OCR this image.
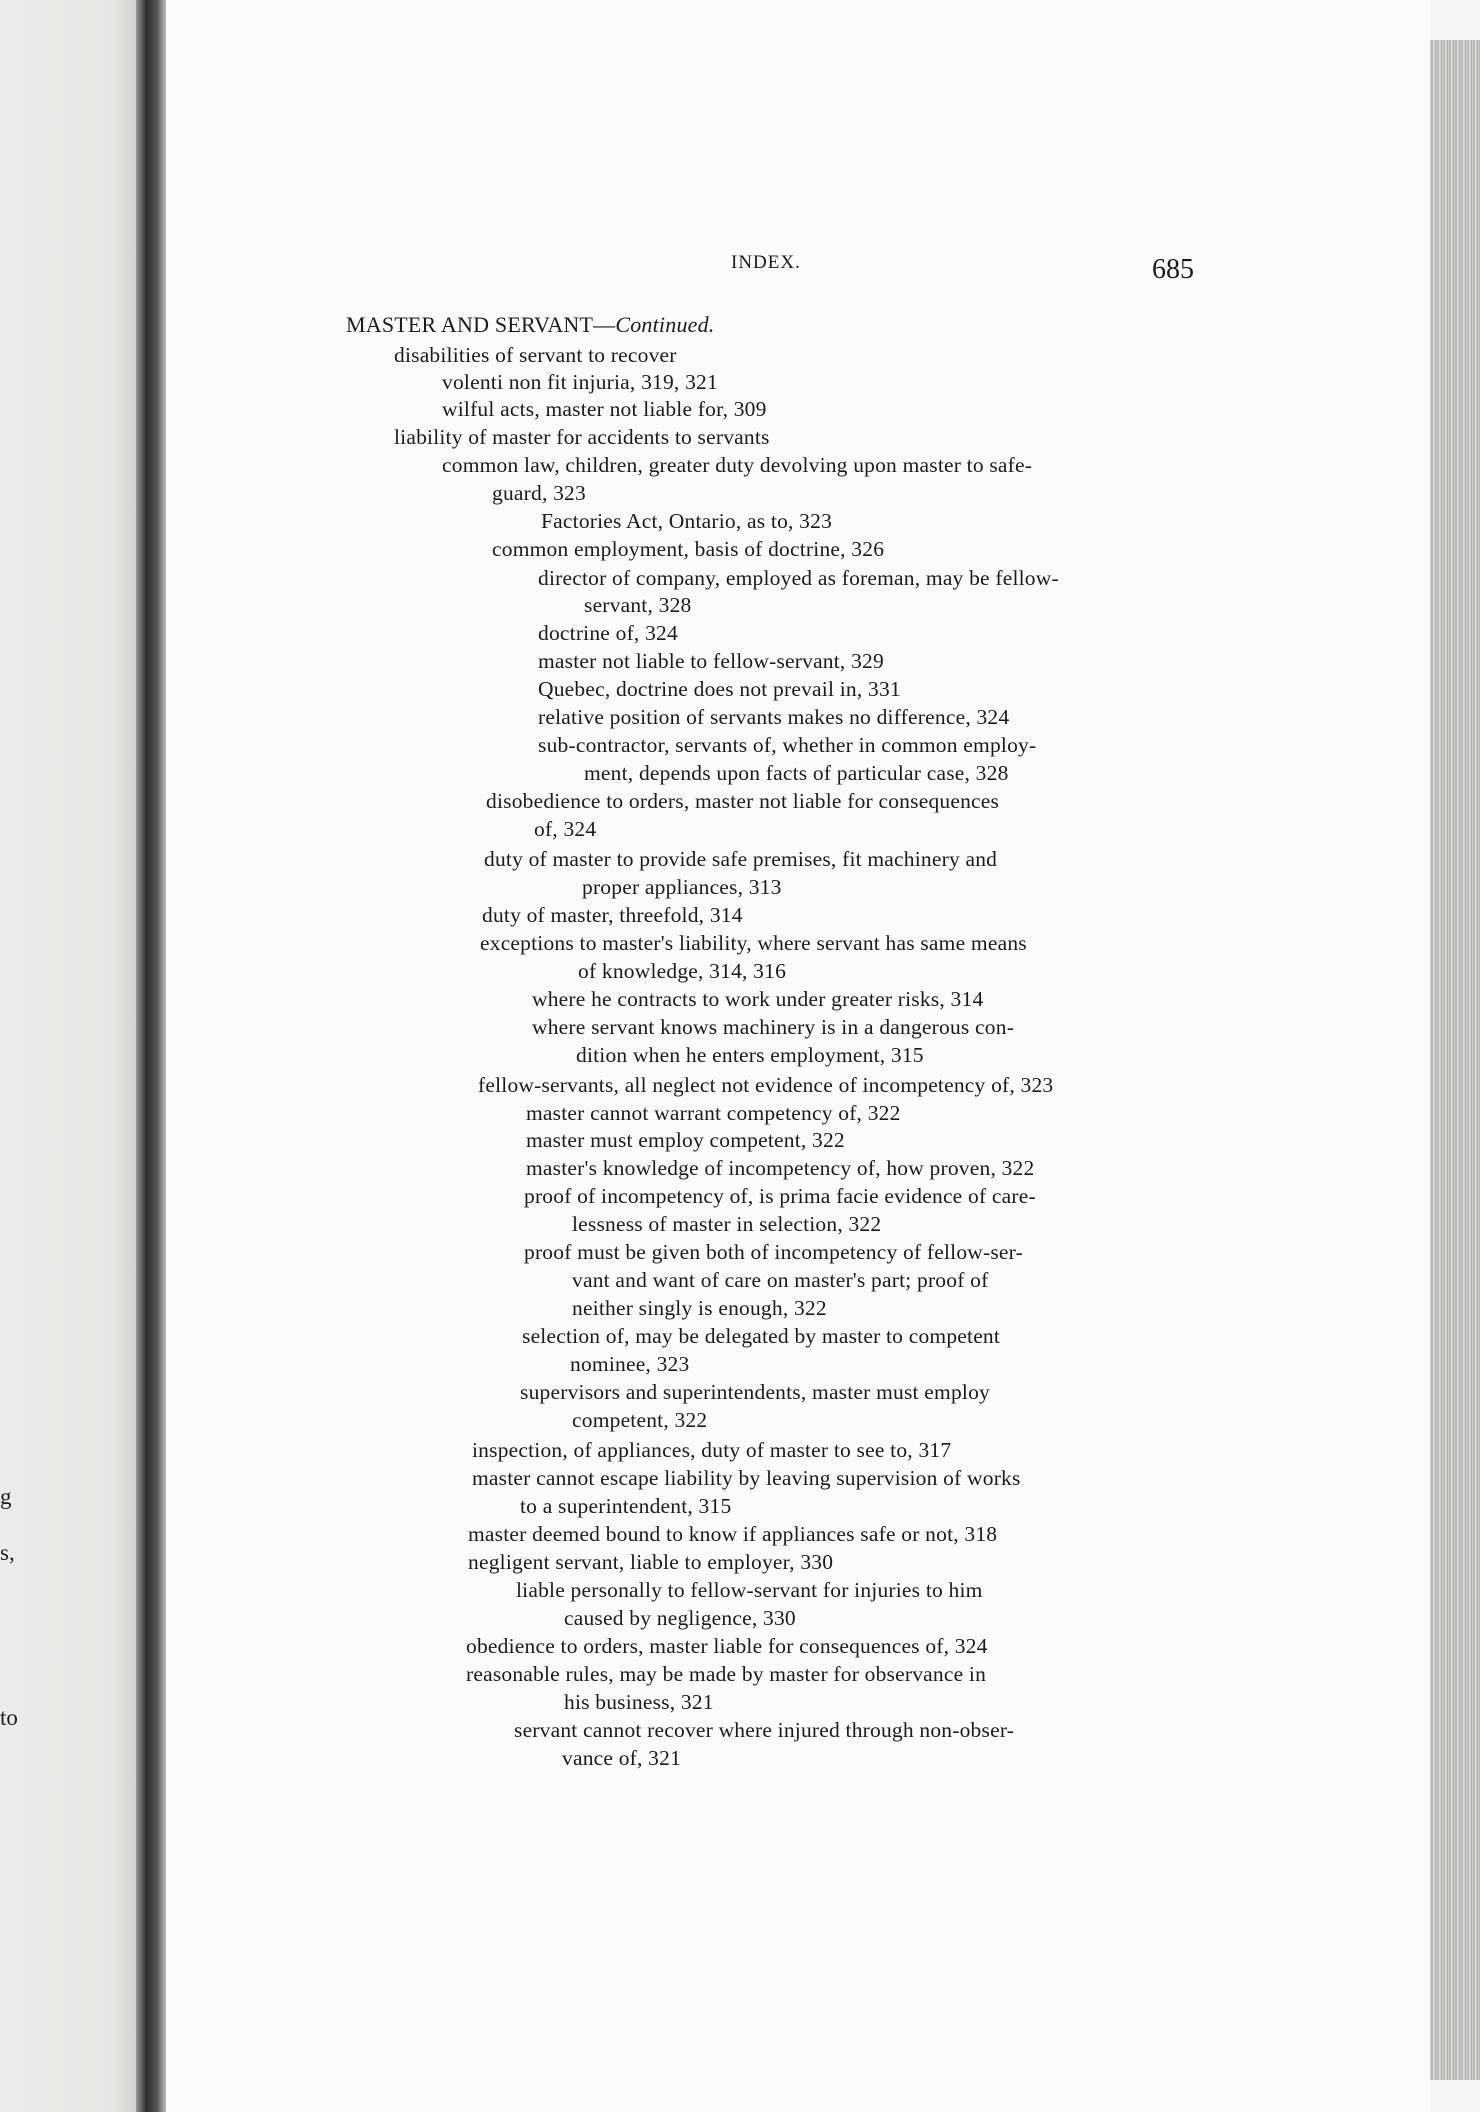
g
s,
to
INDEX.	685
MASTER AND SERVANT—Continued.
disabilities of servant to recover
volenti non fit injuria, 319, 321
wilful acts, master not liable for, 309
liability of master for accidents to servants
common law, children, greater duty devolving upon master to safe-
guard, 323
Factories Act, Ontario, as to, 323
common employment, basis of doctrine, 326
director of company, employed as foreman, may be fellow-
servant, 328
doctrine of, 324
master not liable to fellow-servant, 329
Quebec, doctrine does not prevail in, 331
relative position of servants makes no difference, 324
sub-contractor, servants of, whether in common employ-
ment, depends upon facts of particular case, 328
disobedience to orders, master not liable for consequences
of, 324
duty of master to provide safe premises, fit machinery and
proper appliances, 313
duty of master, threefold, 314
exceptions to master's liability, where servant has same means
of knowledge, 314, 316
where he contracts to work under greater risks, 314
where servant knows machinery is in a dangerous con-
dition when he enters employment, 315
fellow-servants, all neglect not evidence of incompetency of, 323
master cannot warrant competency of, 322
master must employ competent, 322
master's knowledge of incompetency of, how proven, 322
proof of incompetency of, is prima facie evidence of care-
lessness of master in selection, 322
proof must be given both of incompetency of fellow-ser-
vant and want of care on master's part; proof of
neither singly is enough, 322
selection of, may be delegated by master to competent
nominee, 323
supervisors and superintendents, master must employ
competent, 322
inspection, of appliances, duty of master to see to, 317
master cannot escape liability by leaving supervision of works
to a superintendent, 315
master deemed bound to know if appliances safe or not, 318
negligent servant, liable to employer, 330
liable personally to fellow-servant for injuries to him
caused by negligence, 330
obedience to orders, master liable for consequences of, 324
reasonable rules, may be made by master for observance in
his business, 321
servant cannot recover where injured through non-obser-
vance of, 321
